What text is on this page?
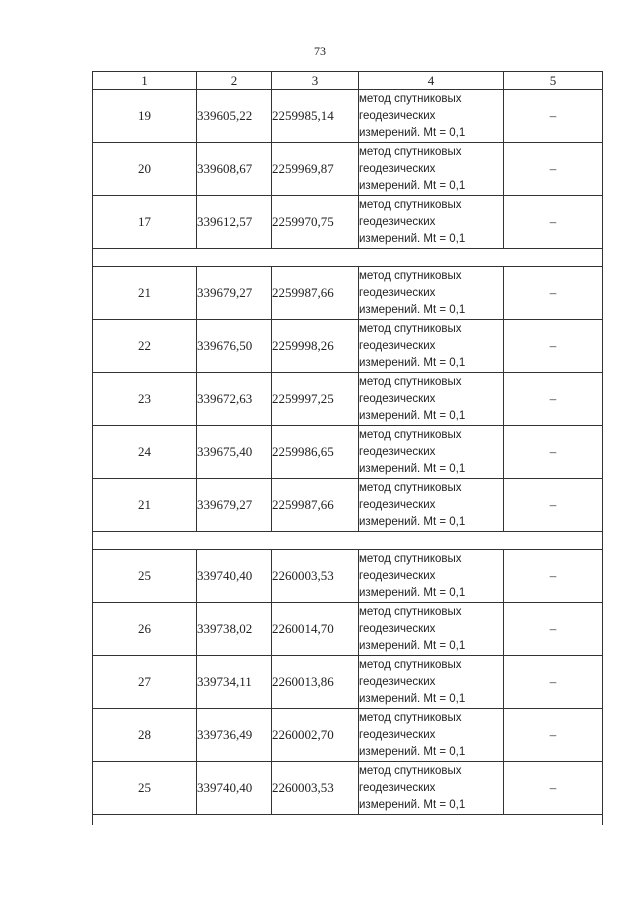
73
1	2	3	4	5
19	339605,22	2259985,14	метод спутниковых
геодезических
измерений. Mt = 0,1	–
20	339608,67	2259969,87	метод спутниковых
геодезических
измерений. Mt = 0,1	–
17	339612,57	2259970,75	метод спутниковых
геодезических
измерений. Mt = 0,1	–

21	339679,27	2259987,66	метод спутниковых
геодезических
измерений. Mt = 0,1	–
22	339676,50	2259998,26	метод спутниковых
геодезических
измерений. Mt = 0,1	–
23	339672,63	2259997,25	метод спутниковых
геодезических
измерений. Mt = 0,1	–
24	339675,40	2259986,65	метод спутниковых
геодезических
измерений. Mt = 0,1	–
21	339679,27	2259987,66	метод спутниковых
геодезических
измерений. Mt = 0,1	–

25	339740,40	2260003,53	метод спутниковых
геодезических
измерений. Mt = 0,1	–
26	339738,02	2260014,70	метод спутниковых
геодезических
измерений. Mt = 0,1	–
27	339734,11	2260013,86	метод спутниковых
геодезических
измерений. Mt = 0,1	–
28	339736,49	2260002,70	метод спутниковых
геодезических
измерений. Mt = 0,1	–
25	339740,40	2260003,53	метод спутниковых
геодезических
измерений. Mt = 0,1	–
